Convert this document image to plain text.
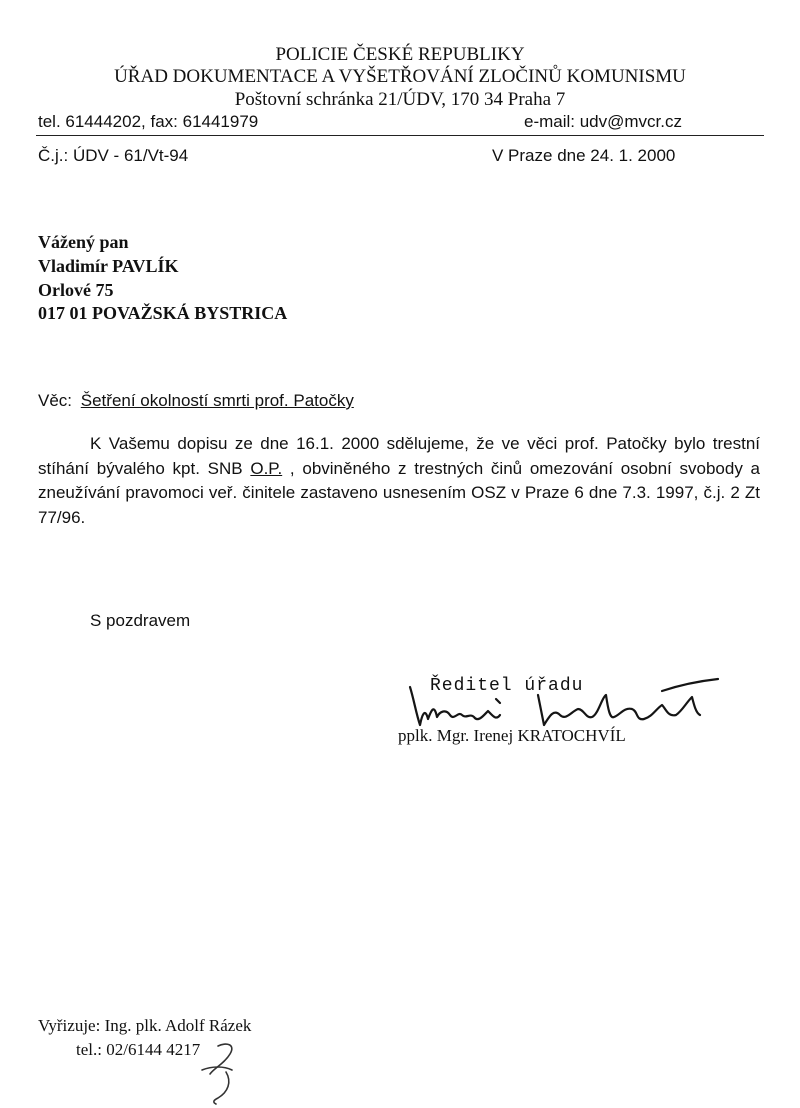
POLICIE ČESKÉ REPUBLIKY
ÚŘAD DOKUMENTACE A VYŠETŘOVÁNÍ ZLOČINŮ KOMUNISMU
Poštovní schránka 21/ÚDV, 170 34 Praha 7
tel. 61444202, fax: 61441979	e-mail: udv@mvcr.cz
Č.j.: ÚDV - 61/Vt-94	V Praze dne 24. 1. 2000
Vážený pan
Vladimír PAVLÍK
Orlové 75
017 01 POVAŽSKÁ BYSTRICA
Věc: Šetření okolností smrti prof. Patočky
K Vašemu dopisu ze dne 16.1. 2000 sdělujeme, že ve věci prof. Patočky bylo trestní stíhání bývalého kpt. SNB O.P. , obviněného z trestných činů omezování osobní svobody a zneužívání pravomoci veř. činitele zastaveno usnesením OSZ v Praze 6 dne 7.3. 1997, č.j. 2 Zt 77/96.
S pozdravem
Ředitel úřadu
pplk. Mgr. Irenej KRATOCHVÍL
Vyřizuje: Ing. plk. Adolf Rázek
tel.: 02/6144 4217
